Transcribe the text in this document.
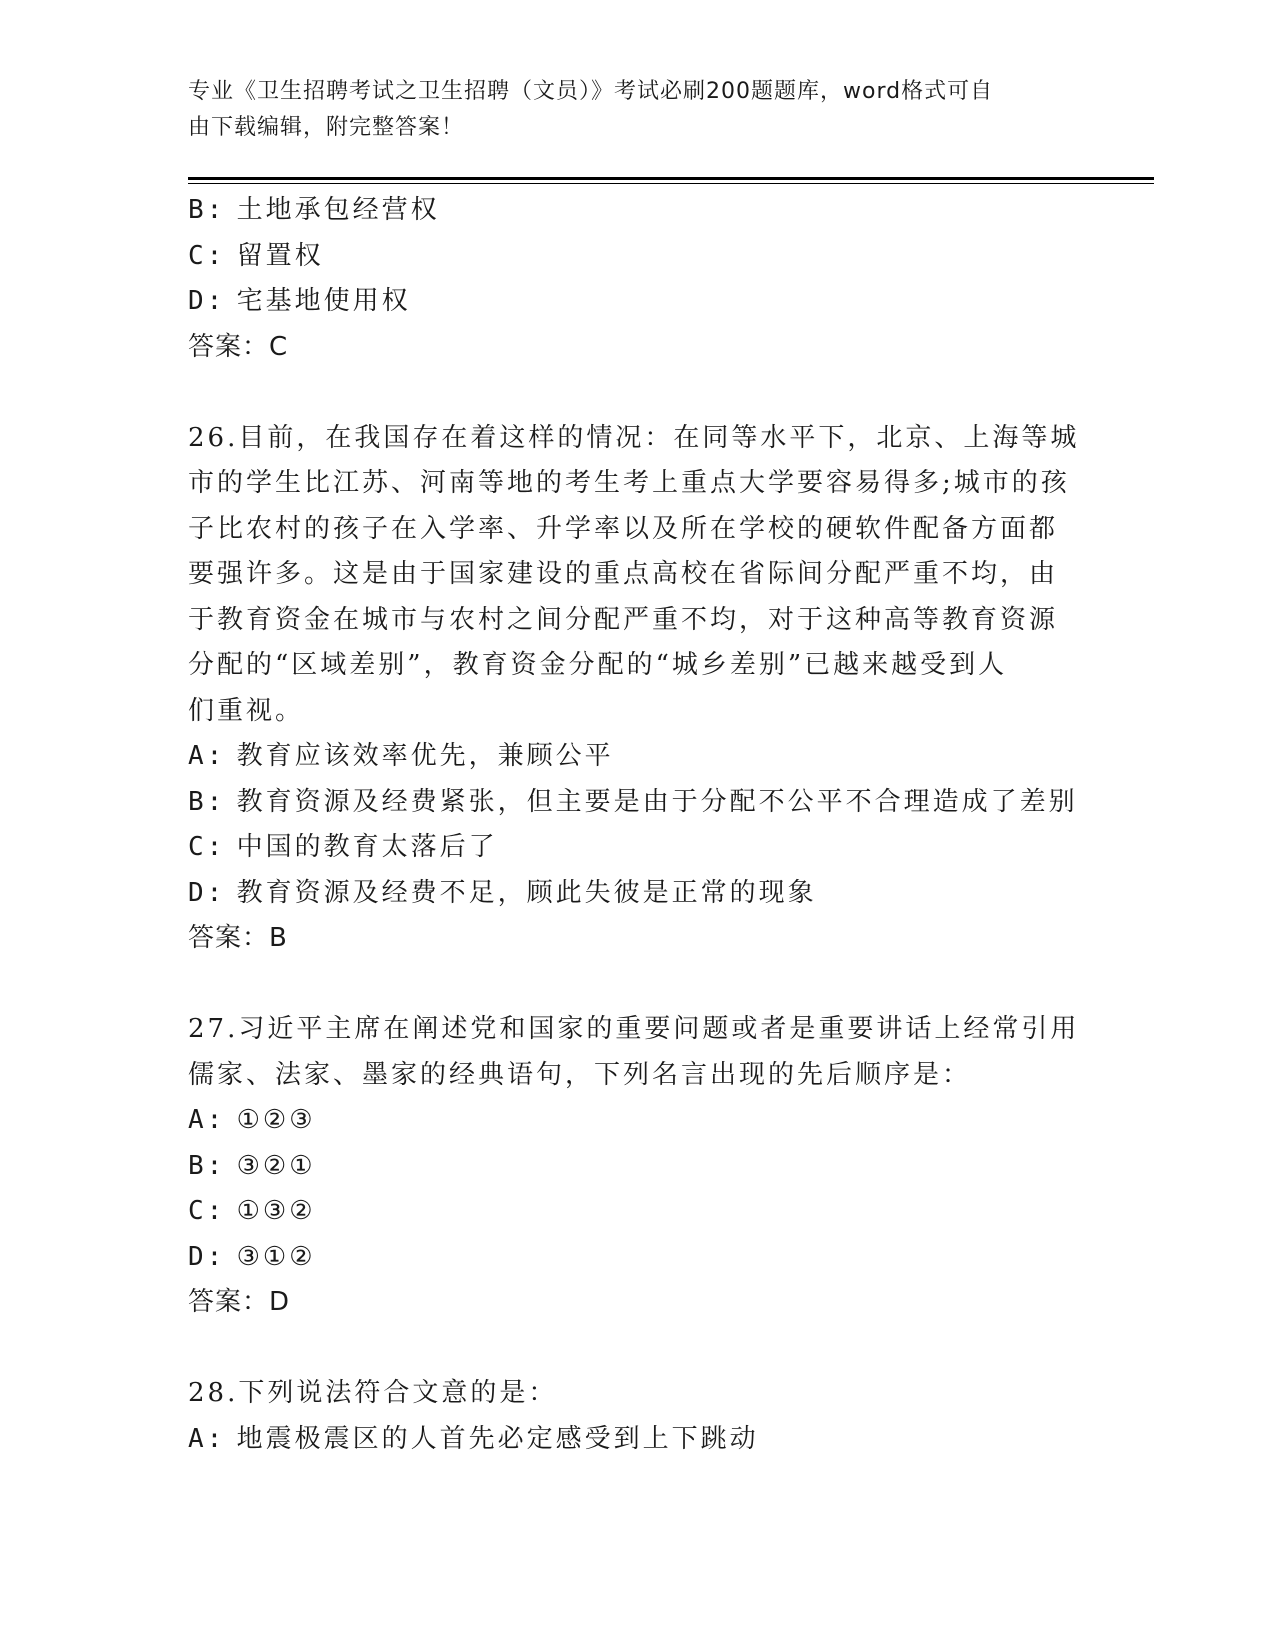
专业《卫生招聘考试之卫生招聘（文员）》考试必刷200题题库，word格式可自
由下载编辑，附完整答案！

B: 土地承包经营权

C: 留置权

D: 宅基地使用权

答案：C

26.目前，在我国存在着这样的情况：在同等水平下，北京、上海等城

市的学生比江苏、河南等地的考生考上重点大学要容易得多;城市的孩

子比农村的孩子在入学率、升学率以及所在学校的硬软件配备方面都

要强许多。这是由于国家建设的重点高校在省际间分配严重不均，由

于教育资金在城市与农村之间分配严重不均，对于这种高等教育资源

分配的“区域差别”，教育资金分配的“城乡差别”已越来越受到人

们重视。

A: 教育应该效率优先，兼顾公平

B: 教育资源及经费紧张，但主要是由于分配不公平不合理造成了差别

C: 中国的教育太落后了

D: 教育资源及经费不足，顾此失彼是正常的现象

答案：B

27.习近平主席在阐述党和国家的重要问题或者是重要讲话上经常引用

儒家、法家、墨家的经典语句，下列名言出现的先后顺序是：

A: ①②③

B: ③②①

C: ①③②

D: ③①②

答案：D

28.下列说法符合文意的是：

A: 地震极震区的人首先必定感受到上下跳动
